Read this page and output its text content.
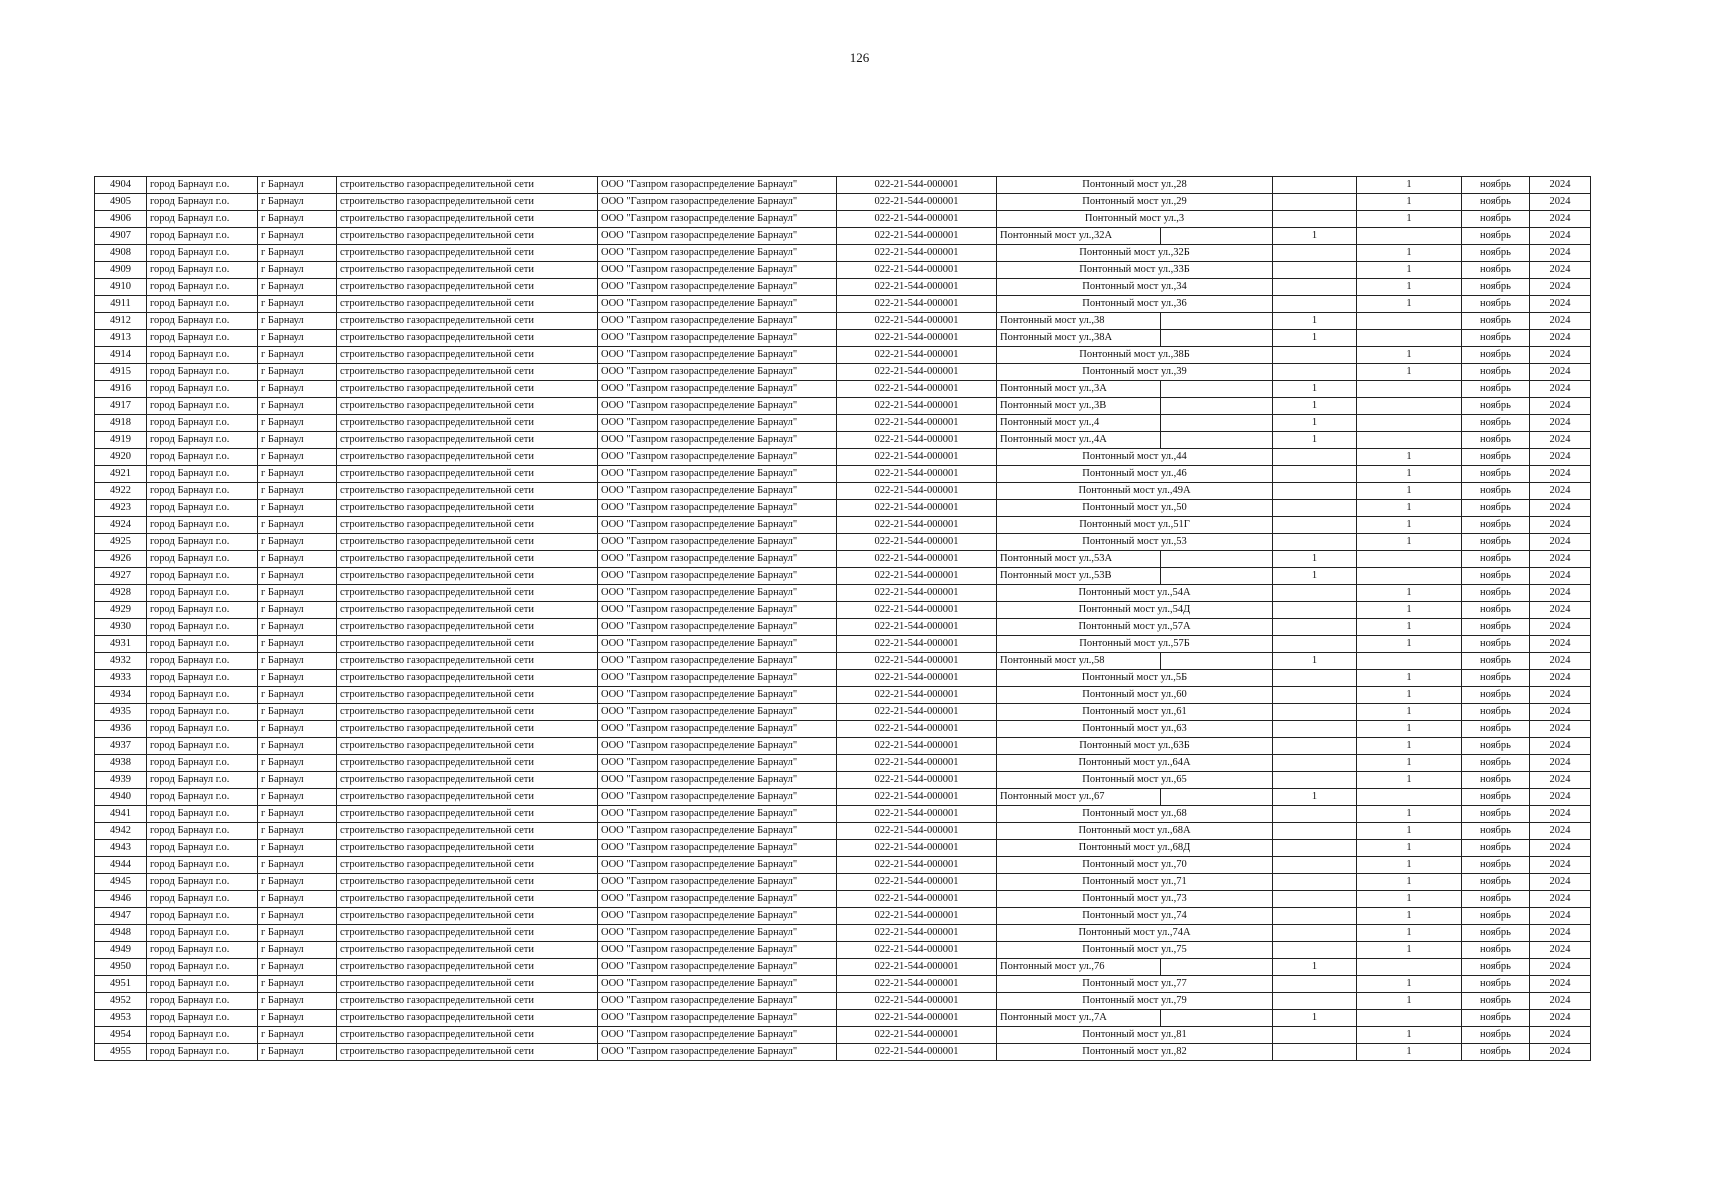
126
4904	город Барнаул г.о.	г Барнаул	строительство газораспределительной сети	ООО "Газпром газораспределение Барнаул"	022-21-544-000001	Понтонный мост ул.,28			1	ноябрь	2024
4905	город Барнаул г.о.	г Барнаул	строительство газораспределительной сети	ООО "Газпром газораспределение Барнаул"	022-21-544-000001	Понтонный мост ул.,29			1	ноябрь	2024
4906	город Барнаул г.о.	г Барнаул	строительство газораспределительной сети	ООО "Газпром газораспределение Барнаул"	022-21-544-000001	Понтонный мост ул.,3			1	ноябрь	2024
4907	город Барнаул г.о.	г Барнаул	строительство газораспределительной сети	ООО "Газпром газораспределение Барнаул"	022-21-544-000001	Понтонный мост ул.,32А		1		ноябрь	2024
4908	город Барнаул г.о.	г Барнаул	строительство газораспределительной сети	ООО "Газпром газораспределение Барнаул"	022-21-544-000001	Понтонный мост ул.,32Б			1	ноябрь	2024
4909	город Барнаул г.о.	г Барнаул	строительство газораспределительной сети	ООО "Газпром газораспределение Барнаул"	022-21-544-000001	Понтонный мост ул.,33Б			1	ноябрь	2024
4910	город Барнаул г.о.	г Барнаул	строительство газораспределительной сети	ООО "Газпром газораспределение Барнаул"	022-21-544-000001	Понтонный мост ул.,34			1	ноябрь	2024
4911	город Барнаул г.о.	г Барнаул	строительство газораспределительной сети	ООО "Газпром газораспределение Барнаул"	022-21-544-000001	Понтонный мост ул.,36			1	ноябрь	2024
4912	город Барнаул г.о.	г Барнаул	строительство газораспределительной сети	ООО "Газпром газораспределение Барнаул"	022-21-544-000001	Понтонный мост ул.,38		1		ноябрь	2024
4913	город Барнаул г.о.	г Барнаул	строительство газораспределительной сети	ООО "Газпром газораспределение Барнаул"	022-21-544-000001	Понтонный мост ул.,38А		1		ноябрь	2024
4914	город Барнаул г.о.	г Барнаул	строительство газораспределительной сети	ООО "Газпром газораспределение Барнаул"	022-21-544-000001	Понтонный мост ул.,38Б			1	ноябрь	2024
4915	город Барнаул г.о.	г Барнаул	строительство газораспределительной сети	ООО "Газпром газораспределение Барнаул"	022-21-544-000001	Понтонный мост ул.,39			1	ноябрь	2024
4916	город Барнаул г.о.	г Барнаул	строительство газораспределительной сети	ООО "Газпром газораспределение Барнаул"	022-21-544-000001	Понтонный мост ул.,3А		1		ноябрь	2024
4917	город Барнаул г.о.	г Барнаул	строительство газораспределительной сети	ООО "Газпром газораспределение Барнаул"	022-21-544-000001	Понтонный мост ул.,3В		1		ноябрь	2024
4918	город Барнаул г.о.	г Барнаул	строительство газораспределительной сети	ООО "Газпром газораспределение Барнаул"	022-21-544-000001	Понтонный мост ул.,4		1		ноябрь	2024
4919	город Барнаул г.о.	г Барнаул	строительство газораспределительной сети	ООО "Газпром газораспределение Барнаул"	022-21-544-000001	Понтонный мост ул.,4А		1		ноябрь	2024
4920	город Барнаул г.о.	г Барнаул	строительство газораспределительной сети	ООО "Газпром газораспределение Барнаул"	022-21-544-000001	Понтонный мост ул.,44			1	ноябрь	2024
4921	город Барнаул г.о.	г Барнаул	строительство газораспределительной сети	ООО "Газпром газораспределение Барнаул"	022-21-544-000001	Понтонный мост ул.,46			1	ноябрь	2024
4922	город Барнаул г.о.	г Барнаул	строительство газораспределительной сети	ООО "Газпром газораспределение Барнаул"	022-21-544-000001	Понтонный мост ул.,49А			1	ноябрь	2024
4923	город Барнаул г.о.	г Барнаул	строительство газораспределительной сети	ООО "Газпром газораспределение Барнаул"	022-21-544-000001	Понтонный мост ул.,50			1	ноябрь	2024
4924	город Барнаул г.о.	г Барнаул	строительство газораспределительной сети	ООО "Газпром газораспределение Барнаул"	022-21-544-000001	Понтонный мост ул.,51Г			1	ноябрь	2024
4925	город Барнаул г.о.	г Барнаул	строительство газораспределительной сети	ООО "Газпром газораспределение Барнаул"	022-21-544-000001	Понтонный мост ул.,53			1	ноябрь	2024
4926	город Барнаул г.о.	г Барнаул	строительство газораспределительной сети	ООО "Газпром газораспределение Барнаул"	022-21-544-000001	Понтонный мост ул.,53А		1		ноябрь	2024
4927	город Барнаул г.о.	г Барнаул	строительство газораспределительной сети	ООО "Газпром газораспределение Барнаул"	022-21-544-000001	Понтонный мост ул.,53В		1		ноябрь	2024
4928	город Барнаул г.о.	г Барнаул	строительство газораспределительной сети	ООО "Газпром газораспределение Барнаул"	022-21-544-000001	Понтонный мост ул.,54А			1	ноябрь	2024
4929	город Барнаул г.о.	г Барнаул	строительство газораспределительной сети	ООО "Газпром газораспределение Барнаул"	022-21-544-000001	Понтонный мост ул.,54Д			1	ноябрь	2024
4930	город Барнаул г.о.	г Барнаул	строительство газораспределительной сети	ООО "Газпром газораспределение Барнаул"	022-21-544-000001	Понтонный мост ул.,57А			1	ноябрь	2024
4931	город Барнаул г.о.	г Барнаул	строительство газораспределительной сети	ООО "Газпром газораспределение Барнаул"	022-21-544-000001	Понтонный мост ул.,57Б			1	ноябрь	2024
4932	город Барнаул г.о.	г Барнаул	строительство газораспределительной сети	ООО "Газпром газораспределение Барнаул"	022-21-544-000001	Понтонный мост ул.,58		1		ноябрь	2024
4933	город Барнаул г.о.	г Барнаул	строительство газораспределительной сети	ООО "Газпром газораспределение Барнаул"	022-21-544-000001	Понтонный мост ул.,5Б			1	ноябрь	2024
4934	город Барнаул г.о.	г Барнаул	строительство газораспределительной сети	ООО "Газпром газораспределение Барнаул"	022-21-544-000001	Понтонный мост ул.,60			1	ноябрь	2024
4935	город Барнаул г.о.	г Барнаул	строительство газораспределительной сети	ООО "Газпром газораспределение Барнаул"	022-21-544-000001	Понтонный мост ул.,61			1	ноябрь	2024
4936	город Барнаул г.о.	г Барнаул	строительство газораспределительной сети	ООО "Газпром газораспределение Барнаул"	022-21-544-000001	Понтонный мост ул.,63			1	ноябрь	2024
4937	город Барнаул г.о.	г Барнаул	строительство газораспределительной сети	ООО "Газпром газораспределение Барнаул"	022-21-544-000001	Понтонный мост ул.,63Б			1	ноябрь	2024
4938	город Барнаул г.о.	г Барнаул	строительство газораспределительной сети	ООО "Газпром газораспределение Барнаул"	022-21-544-000001	Понтонный мост ул.,64А			1	ноябрь	2024
4939	город Барнаул г.о.	г Барнаул	строительство газораспределительной сети	ООО "Газпром газораспределение Барнаул"	022-21-544-000001	Понтонный мост ул.,65			1	ноябрь	2024
4940	город Барнаул г.о.	г Барнаул	строительство газораспределительной сети	ООО "Газпром газораспределение Барнаул"	022-21-544-000001	Понтонный мост ул.,67		1		ноябрь	2024
4941	город Барнаул г.о.	г Барнаул	строительство газораспределительной сети	ООО "Газпром газораспределение Барнаул"	022-21-544-000001	Понтонный мост ул.,68			1	ноябрь	2024
4942	город Барнаул г.о.	г Барнаул	строительство газораспределительной сети	ООО "Газпром газораспределение Барнаул"	022-21-544-000001	Понтонный мост ул.,68А			1	ноябрь	2024
4943	город Барнаул г.о.	г Барнаул	строительство газораспределительной сети	ООО "Газпром газораспределение Барнаул"	022-21-544-000001	Понтонный мост ул.,68Д			1	ноябрь	2024
4944	город Барнаул г.о.	г Барнаул	строительство газораспределительной сети	ООО "Газпром газораспределение Барнаул"	022-21-544-000001	Понтонный мост ул.,70			1	ноябрь	2024
4945	город Барнаул г.о.	г Барнаул	строительство газораспределительной сети	ООО "Газпром газораспределение Барнаул"	022-21-544-000001	Понтонный мост ул.,71			1	ноябрь	2024
4946	город Барнаул г.о.	г Барнаул	строительство газораспределительной сети	ООО "Газпром газораспределение Барнаул"	022-21-544-000001	Понтонный мост ул.,73			1	ноябрь	2024
4947	город Барнаул г.о.	г Барнаул	строительство газораспределительной сети	ООО "Газпром газораспределение Барнаул"	022-21-544-000001	Понтонный мост ул.,74			1	ноябрь	2024
4948	город Барнаул г.о.	г Барнаул	строительство газораспределительной сети	ООО "Газпром газораспределение Барнаул"	022-21-544-000001	Понтонный мост ул.,74А			1	ноябрь	2024
4949	город Барнаул г.о.	г Барнаул	строительство газораспределительной сети	ООО "Газпром газораспределение Барнаул"	022-21-544-000001	Понтонный мост ул.,75			1	ноябрь	2024
4950	город Барнаул г.о.	г Барнаул	строительство газораспределительной сети	ООО "Газпром газораспределение Барнаул"	022-21-544-000001	Понтонный мост ул.,76		1		ноябрь	2024
4951	город Барнаул г.о.	г Барнаул	строительство газораспределительной сети	ООО "Газпром газораспределение Барнаул"	022-21-544-000001	Понтонный мост ул.,77			1	ноябрь	2024
4952	город Барнаул г.о.	г Барнаул	строительство газораспределительной сети	ООО "Газпром газораспределение Барнаул"	022-21-544-000001	Понтонный мост ул.,79			1	ноябрь	2024
4953	город Барнаул г.о.	г Барнаул	строительство газораспределительной сети	ООО "Газпром газораспределение Барнаул"	022-21-544-000001	Понтонный мост ул.,7А		1		ноябрь	2024
4954	город Барнаул г.о.	г Барнаул	строительство газораспределительной сети	ООО "Газпром газораспределение Барнаул"	022-21-544-000001	Понтонный мост ул.,81			1	ноябрь	2024
4955	город Барнаул г.о.	г Барнаул	строительство газораспределительной сети	ООО "Газпром газораспределение Барнаул"	022-21-544-000001	Понтонный мост ул.,82			1	ноябрь	2024
